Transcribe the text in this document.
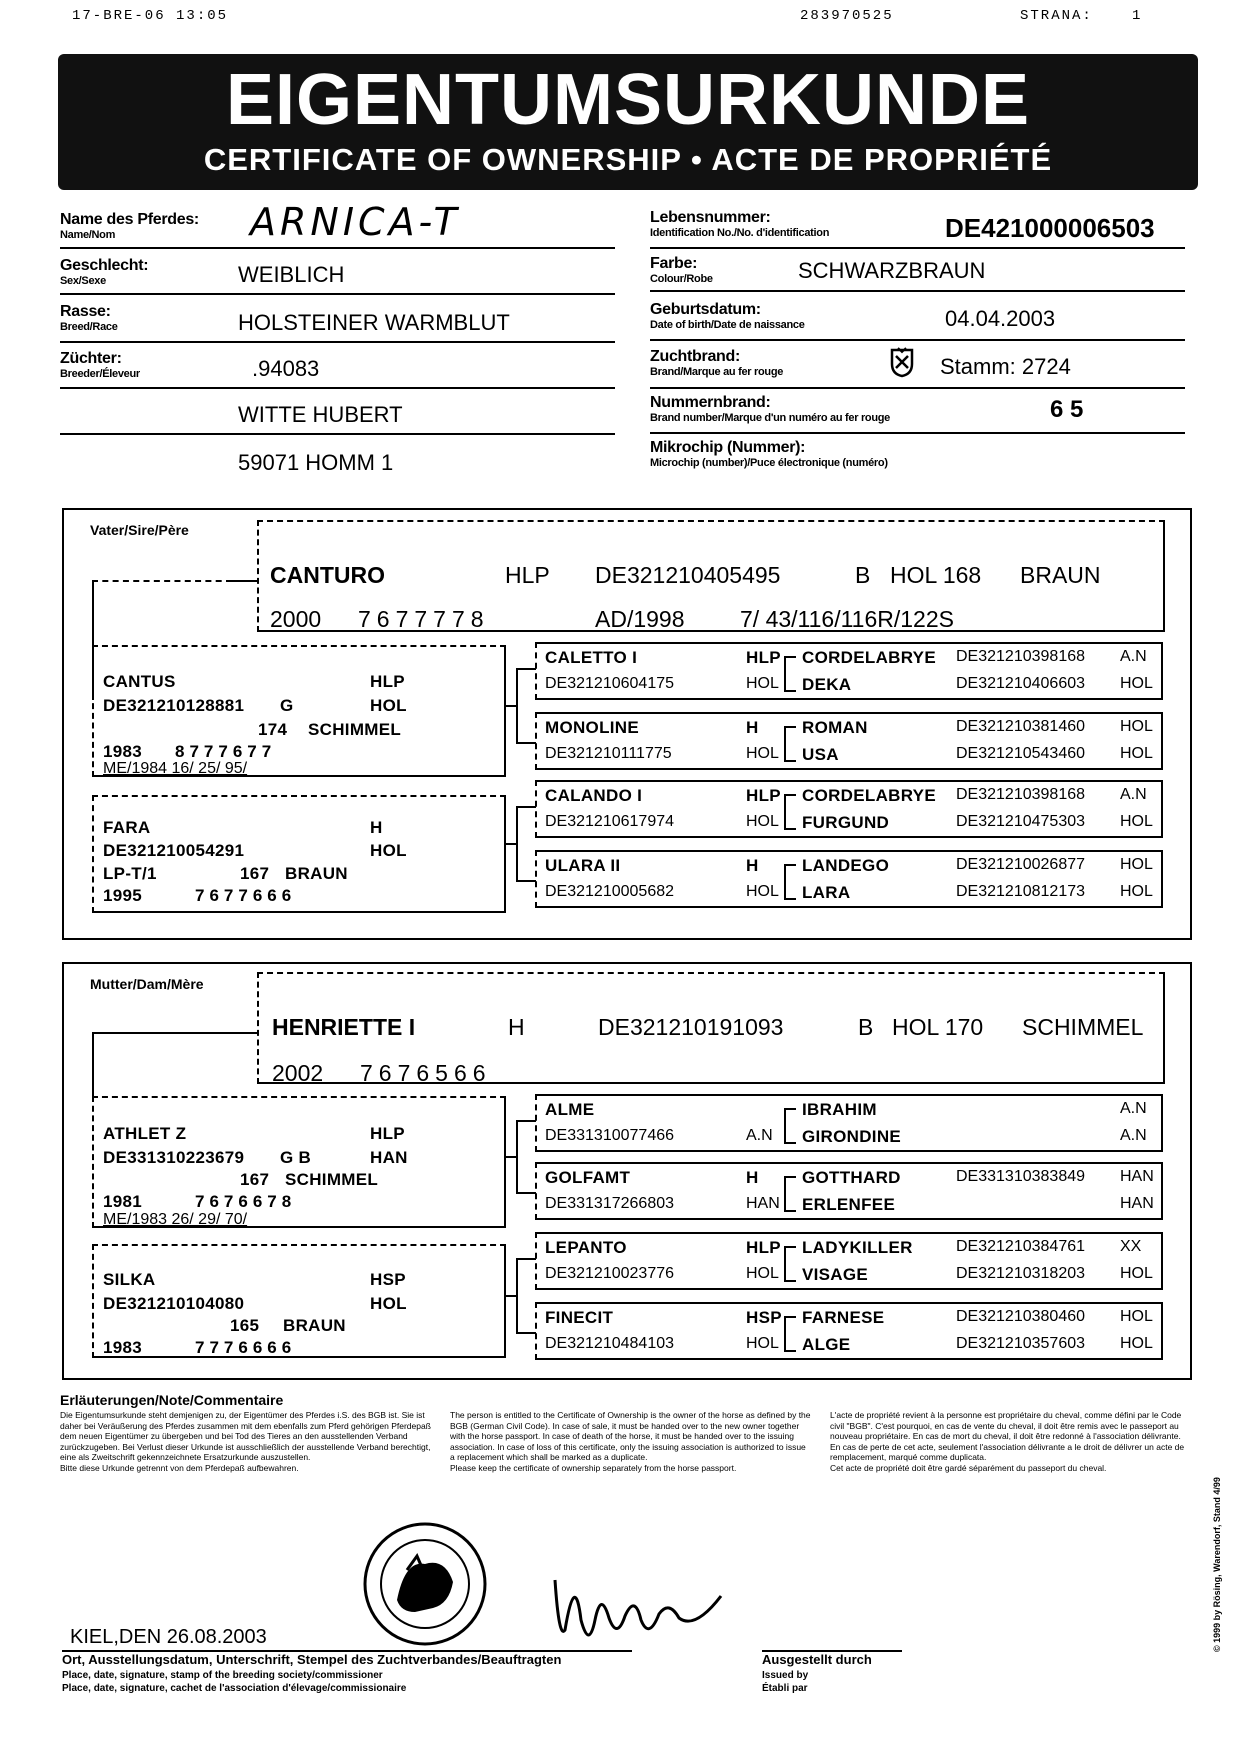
17-BRE-06 13:05	283970525	STRANA:	1
EIGENTUMSURKUNDE
CERTIFICATE OF OWNERSHIP • ACTE DE PROPRIÉTÉ
Name des Pferdes:
Name/Nom	ARNICA-T
Geschlecht:
Sex/Sexe	WEIBLICH
Rasse:
Breed/Race	HOLSTEINER WARMBLUT
Züchter:
Breeder/Éleveur	.94083
WITTE HUBERT
59071 HOMM 1
Lebensnummer:
Identification No./No. d'identification	DE421000006503
Farbe:
Colour/Robe	SCHWARZBRAUN
Geburtsdatum:
Date of birth/Date de naissance	04.04.2003
Zuchtbrand:
Brand/Marque au fer rouge	Stamm: 2724
Nummernbrand:
Brand number/Marque d'un numéro au fer rouge	6 5
Mikrochip (Nummer):
Microchip (number)/Puce électronique (numéro)
Vater/Sire/Père
CANTURO	HLP DE321210405495	B HOL 168 BRAUN
2000 7677778	AD/1998 7/ 43/116/116R/122S
CANTUS	HLP
DE321210128881 G	HOL
174 SCHIMMEL
1983 8777677
ME/1984 16/ 25/ 95/
FARA	H
DE321210054291	HOL
LP-T/1	167 BRAUN
1995	7677666
CALETTO I	HLP
DE321210604175	HOL
CORDELABRYE DE321210398168 A.N
DEKA	DE321210406603 HOL
MONOLINE	H
DE321210111775	HOL
ROMAN	DE321210381460 HOL
USA	DE321210543460 HOL
CALANDO I	HLP
DE321210617974	HOL
CORDELABRYE DE321210398168 A.N
FURGUND	DE321210475303 HOL
ULARA II	H
DE321210005682	HOL
LANDEGO	DE321210026877 HOL
LARA	DE321210812173 HOL
Mutter/Dam/Mère
HENRIETTE I	H	DE321210191093	B HOL 170 SCHIMMEL
2002 7676566
ATHLET Z	HLP
DE331310223679 G B	HAN
167 SCHIMMEL
1981	7676678
ME/1983 26/ 29/ 70/
SILKA	HSP
DE321210104080	HOL
165 BRAUN
1983	7776666
ALME
DE331310077466	A.N
IBRAHIM	A.N
GIRONDINE	A.N
GOLFAMT	H
DE331317266803	HAN
GOTTHARD	DE331310383849 HAN
ERLENFEE	HAN
LEPANTO	HLP
DE321210023776	HOL
LADYKILLER	DE321210384761 XX
VISAGE	DE321210318203 HOL
FINECIT	HSP
DE321210484103	HOL
FARNESE	DE321210380460 HOL
ALGE	DE321210357603 HOL
Erläuterungen/Note/Commentaire
Die Eigentumsurkunde steht demjenigen zu, der Eigentümer des Pferdes i.S. des BGB ist. Sie ist daher bei Veräußerung des Pferdes zusammen mit dem ebenfalls zum Pferd gehörigen Pferdepaß dem neuen Eigentümer zu übergeben und bei Tod des Tieres an den ausstellenden Verband zurückzugeben. Bei Verlust dieser Urkunde ist ausschließlich der ausstellende Verband berechtigt, eine als Zweitschrift gekennzeichnete Ersatzurkunde auszustellen.
Bitte diese Urkunde getrennt von dem Pferdepaß aufbewahren.
The person is entitled to the Certificate of Ownership is the owner of the horse as defined by the BGB (German Civil Code). In case of sale, it must be handed over to the new owner together with the horse passport. In case of death of the horse, it must be handed over to the issuing association. In case of loss of this certificate, only the issuing association is authorized to issue a replacement which shall be marked as a duplicate.
Please keep the certificate of ownership separately from the horse passport.
L'acte de propriété revient à la personne est propriétaire du cheval, comme défini par le Code civil "BGB". C'est pourquoi, en cas de vente du cheval, il doit être remis avec le passeport au nouveau propriétaire. En cas de mort du cheval, il doit être redonné à l'association délivrante. En cas de perte de cet acte, seulement l'association délivrante a le droit de délivrer un acte de remplacement, marqué comme duplicata.
Cet acte de propriété doit être gardé séparément du passeport du cheval.
KIEL,DEN 26.08.2003
Ort, Ausstellungsdatum, Unterschrift, Stempel des Zuchtverbandes/Beauftragten
Place, date, signature, stamp of the breeding society/commissioner
Place, date, signature, cachet de l'association d'élevage/commissionaire
Ausgestellt durch
Issued by
Établi par
© 1999 by Rösing, Warendorf, Stand 4/99
